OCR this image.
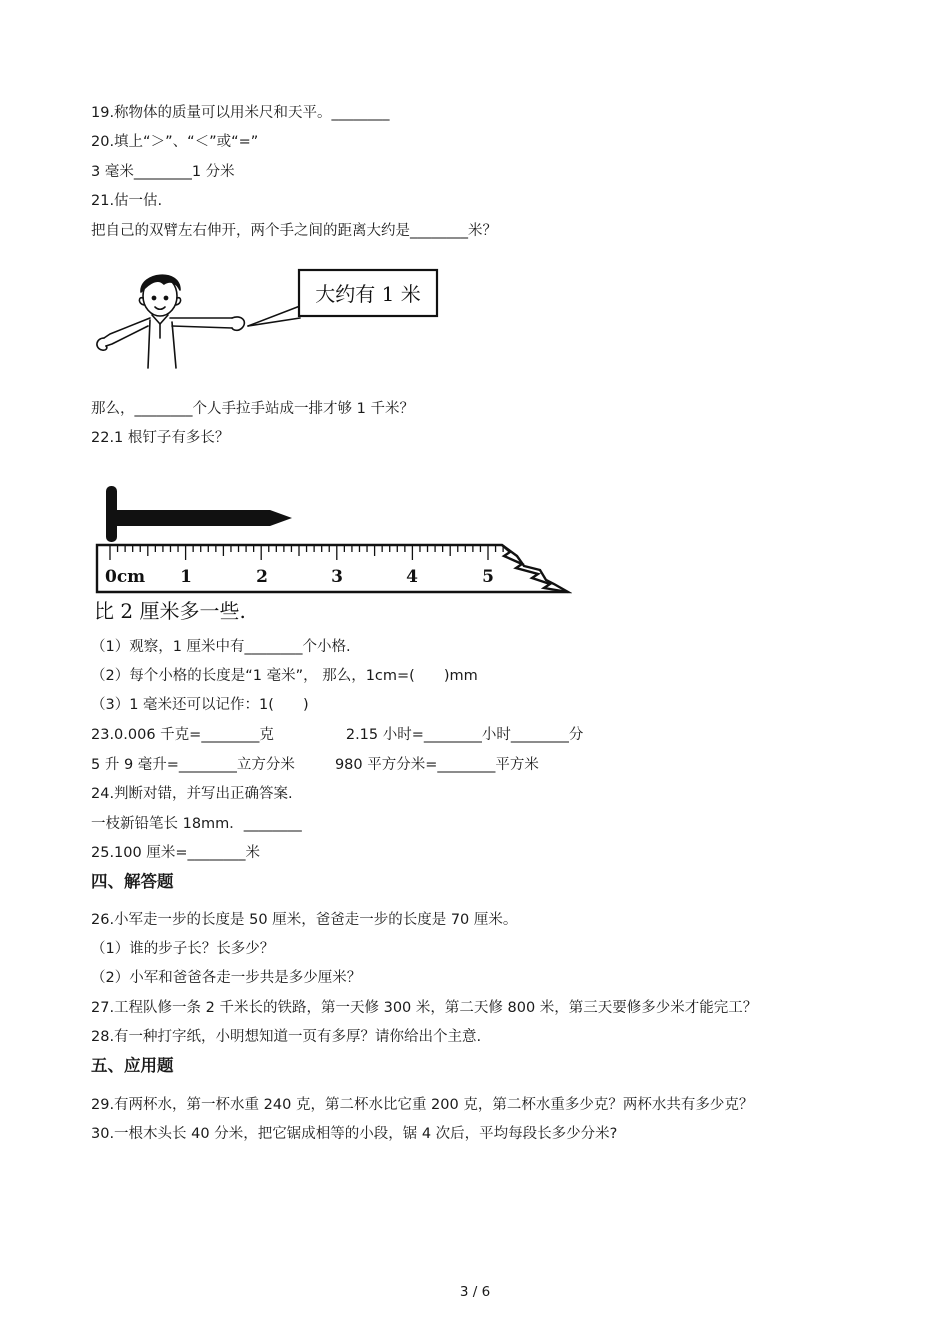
19.称物体的质量可以用米尺和天平。________
20.填上“＞”、“＜”或“=”
3 毫米________1 分米
21.估一估.
把自己的双臂左右伸开，两个手之间的距离大约是________米？
大约有 1 米
那么，________个人手拉手站成一排才够 1 千米？
22.1 根钉子有多长？
0cm 1	2	3	4	5
比 2 厘米多一些.
（1）观察，1 厘米中有________个小格.
（2）每个小格的长度是“1 毫米”， 那么，1cm=(　　)mm
（3）1 毫米还可以记作：1(　　)
23.0.006 千克=________克	2.15 小时=________小时________分
5 升 9 毫升=________立方分米	980 平方分米=________平方米
24.判断对错，并写出正确答案.
一枝新铅笔长 18mm．________
25.100 厘米=________米
四、解答题
26.小军走一步的长度是 50 厘米，爸爸走一步的长度是 70 厘米。
（1）谁的步子长？长多少？
（2）小军和爸爸各走一步共是多少厘米？
27.工程队修一条 2 千米长的铁路，第一天修 300 米，第二天修 800 米，第三天要修多少米才能完工？
28.有一种打字纸，小明想知道一页有多厚？请你给出个主意.
五、应用题
29.有两杯水，第一杯水重 240 克，第二杯水比它重 200 克，第二杯水重多少克？两杯水共有多少克？
30.一根木头长 40 分米，把它锯成相等的小段，锯 4 次后，平均每段长多少分米?
3 / 6
